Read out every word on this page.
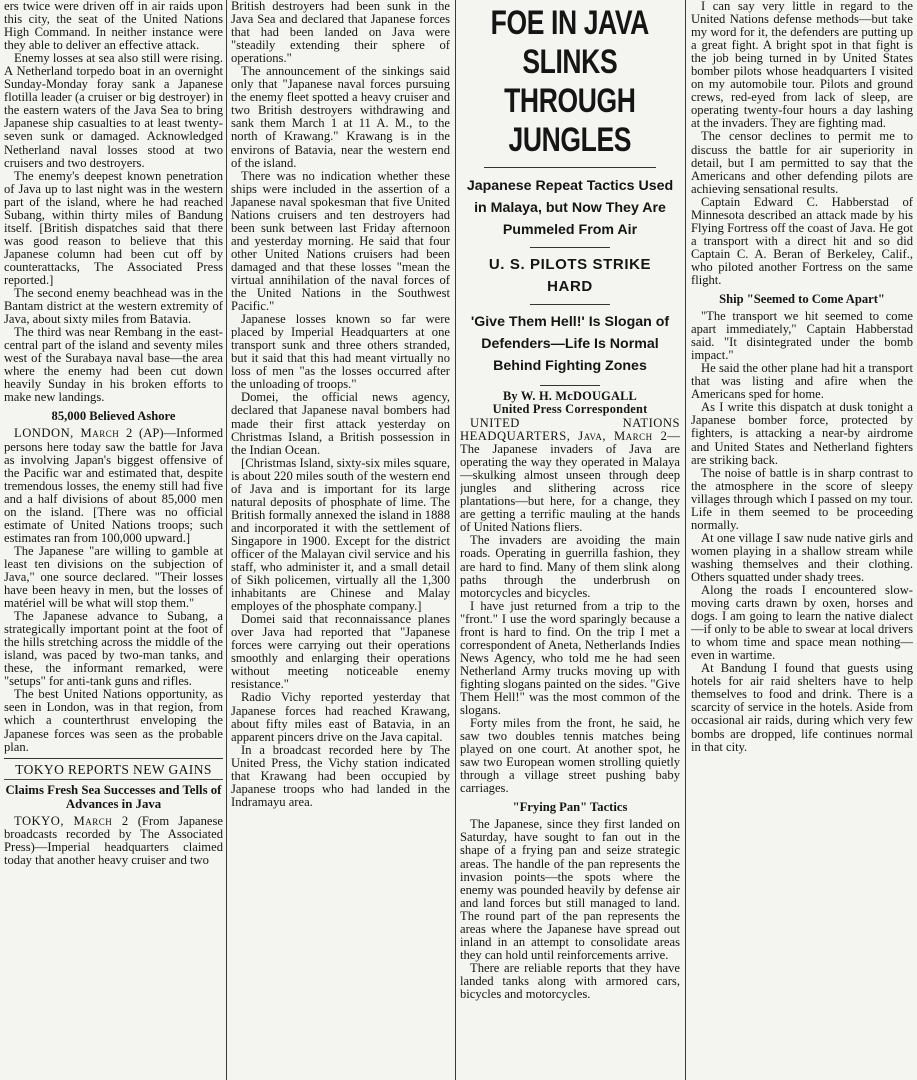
ers twice were driven off in air raids upon this city, the seat of the United Nations High Command. In neither instance were they able to deliver an effective attack.

Enemy losses at sea also still were rising. A Netherland torpedo boat in an overnight Sunday-Monday foray sank a Japanese flotilla leader (a cruiser or big destroyer) in the eastern waters of the Java Sea to bring Japanese ship casualties to at least twenty-seven sunk or damaged. Acknowledged Netherland naval losses stood at two cruisers and two destroyers.

The enemy's deepest known penetration of Java up to last night was in the western part of the island, where he had reached Subang, within thirty miles of Bandung itself. [British dispatches said that there was good reason to believe that this Japanese column had been cut off by counterattacks, The Associated Press reported.]

The second enemy beachhead was in the Bantam district at the western extremity of Java, about sixty miles from Batavia.

The third was near Rembang in the east-central part of the island and seventy miles west of the Surabaya naval base—the area where the enemy had been cut down heavily Sunday in his broken efforts to make new landings.

85,000 Believed Ashore

LONDON, March 2 (AP)—Informed persons here today saw the battle for Java as involving Japan's biggest offensive of the Pacific war and estimated that, despite tremendous losses, the enemy still had five and a half divisions of about 85,000 men on the island. [There was no official estimate of United Nations troops; such estimates ran from 100,000 upward.]

The Japanese "are willing to gamble at least ten divisions on the subjection of Java," one source declared. "Their losses have been heavy in men, but the losses of matériel will be what will stop them."

The Japanese advance to Subang, a strategically important point at the foot of the hills stretching across the middle of the island, was paced by two-man tanks, and these, the informant remarked, were "setups" for anti-tank guns and rifles.

The best United Nations opportunity, as seen in London, was in that region, from which a counterthrust enveloping the Japanese forces was seen as the probable plan.

TOKYO REPORTS NEW GAINS
Claims Fresh Sea Successes and Tells of Advances in Java

TOKYO, March 2 (From Japanese broadcasts recorded by The Associated Press)—Imperial headquarters claimed today that another heavy cruiser and two

British destroyers had been sunk in the Java Sea and declared that Japanese forces that had been landed on Java were "steadily extending their sphere of operations."

The announcement of the sinkings said only that "Japanese naval forces pursuing the enemy fleet spotted a heavy cruiser and two British destroyers withdrawing and sank them March 1 at 11 A. M., to the north of Krawang." Krawang is in the environs of Batavia, near the western end of the island.

There was no indication whether these ships were included in the assertion of a Japanese naval spokesman that five United Nations cruisers and ten destroyers had been sunk between last Friday afternoon and yesterday morning. He said that four other United Nations cruisers had been damaged and that these losses "mean the virtual annihilation of the naval forces of the United Nations in the Southwest Pacific."

Japanese losses known so far were placed by Imperial Headquarters at one transport sunk and three others stranded, but it said that this had meant virtually no loss of men "as the losses occurred after the unloading of troops."

Domei, the official news agency, declared that Japanese naval bombers had made their first attack yesterday on Christmas Island, a British possession in the Indian Ocean.

[Christmas Island, sixty-six miles square, is about 220 miles south of the western end of Java and is important for its large natural deposits of phosphate of lime. The British formally annexed the island in 1888 and incorporated it with the settlement of Singapore in 1900. Except for the district officer of the Malayan civil service and his staff, who administer it, and a small detail of Sikh policemen, virtually all the 1,300 inhabitants are Chinese and Malay employes of the phosphate company.]

Domei said that reconnaissance planes over Java had reported that "Japanese forces were carrying out their operations smoothly and enlarging their operations without meeting noticeable enemy resistance."

Radio Vichy reported yesterday that Japanese forces had reached Krawang, about fifty miles east of Batavia, in an apparent pincers drive on the Java capital.

In a broadcast recorded here by The United Press, the Vichy station indicated that Krawang had been occupied by Japanese troops who had landed in the Indramayu area.

FOE IN JAVA SLINKS THROUGH JUNGLES
Japanese Repeat Tactics Used in Malaya, but Now They Are Pummeled From Air
U. S. PILOTS STRIKE HARD
'Give Them Hell!' Is Slogan of Defenders—Life Is Normal Behind Fighting Zones
By W. H. McDOUGALL
United Press Correspondent

UNITED NATIONS HEADQUARTERS, Java, March 2—The Japanese invaders of Java are operating the way they operated in Malaya—skulking almost unseen through deep jungles and slithering across rice plantations—but here, for a change, they are getting a terrific mauling at the hands of United Nations fliers.

The invaders are avoiding the main roads. Operating in guerrilla fashion, they are hard to find. Many of them slink along paths through the underbrush on motorcycles and bicycles.

I have just returned from a trip to the "front." I use the word sparingly because a front is hard to find. On the trip I met a correspondent of Aneta, Netherlands Indies News Agency, who told me he had seen Netherland Army trucks moving up with fighting slogans painted on the sides. "Give Them Hell!" was the most common of the slogans.

Forty miles from the front, he said, he saw two doubles tennis matches being played on one court. At another spot, he saw two European women strolling quietly through a village street pushing baby carriages.

"Frying Pan" Tactics

The Japanese, since they first landed on Saturday, have sought to fan out in the shape of a frying pan and seize strategic areas. The handle of the pan represents the invasion points—the spots where the enemy was pounded heavily by defense air and land forces but still managed to land. The round part of the pan represents the areas where the Japanese have spread out inland in an attempt to consolidate areas they can hold until reinforcements arrive.

There are reliable reports that they have landed tanks along with armored cars, bicycles and motorcycles.

I can say very little in regard to the United Nations defense methods—but take my word for it, the defenders are putting up a great fight. A bright spot in that fight is the job being turned in by United States bomber pilots whose headquarters I visited on my automobile tour. Pilots and ground crews, red-eyed from lack of sleep, are operating twenty-four hours a day lashing at the invaders. They are fighting mad.

The censor declines to permit me to discuss the battle for air superiority in detail, but I am permitted to say that the Americans and other defending pilots are achieving sensational results.

Captain Edward C. Habberstad of Minnesota described an attack made by his Flying Fortress off the coast of Java. He got a transport with a direct hit and so did Captain C. A. Beran of Berkeley, Calif., who piloted another Fortress on the same flight.

Ship "Seemed to Come Apart"

"The transport we hit seemed to come apart immediately," Captain Habberstad said. "It disintegrated under the bomb impact."

He said the other plane had hit a transport that was listing and afire when the Americans sped for home.

As I write this dispatch at dusk tonight a Japanese bomber force, protected by fighters, is attacking a near-by airdrome and United States and Netherland fighters are striking back.

The noise of battle is in sharp contrast to the atmosphere in the score of sleepy villages through which I passed on my tour. Life in them seemed to be proceeding normally.

At one village I saw nude native girls and women playing in a shallow stream while washing themselves and their clothing. Others squatted under shady trees.

Along the roads I encountered slow-moving carts drawn by oxen, horses and dogs. I am going to learn the native dialect—if only to be able to swear at local drivers to whom time and space mean nothing—even in wartime.

At Bandung I found that guests using hotels for air raid shelters have to help themselves to food and drink. There is a scarcity of service in the hotels. Aside from occasional air raids, during which very few bombs are dropped, life continues normal in that city.
